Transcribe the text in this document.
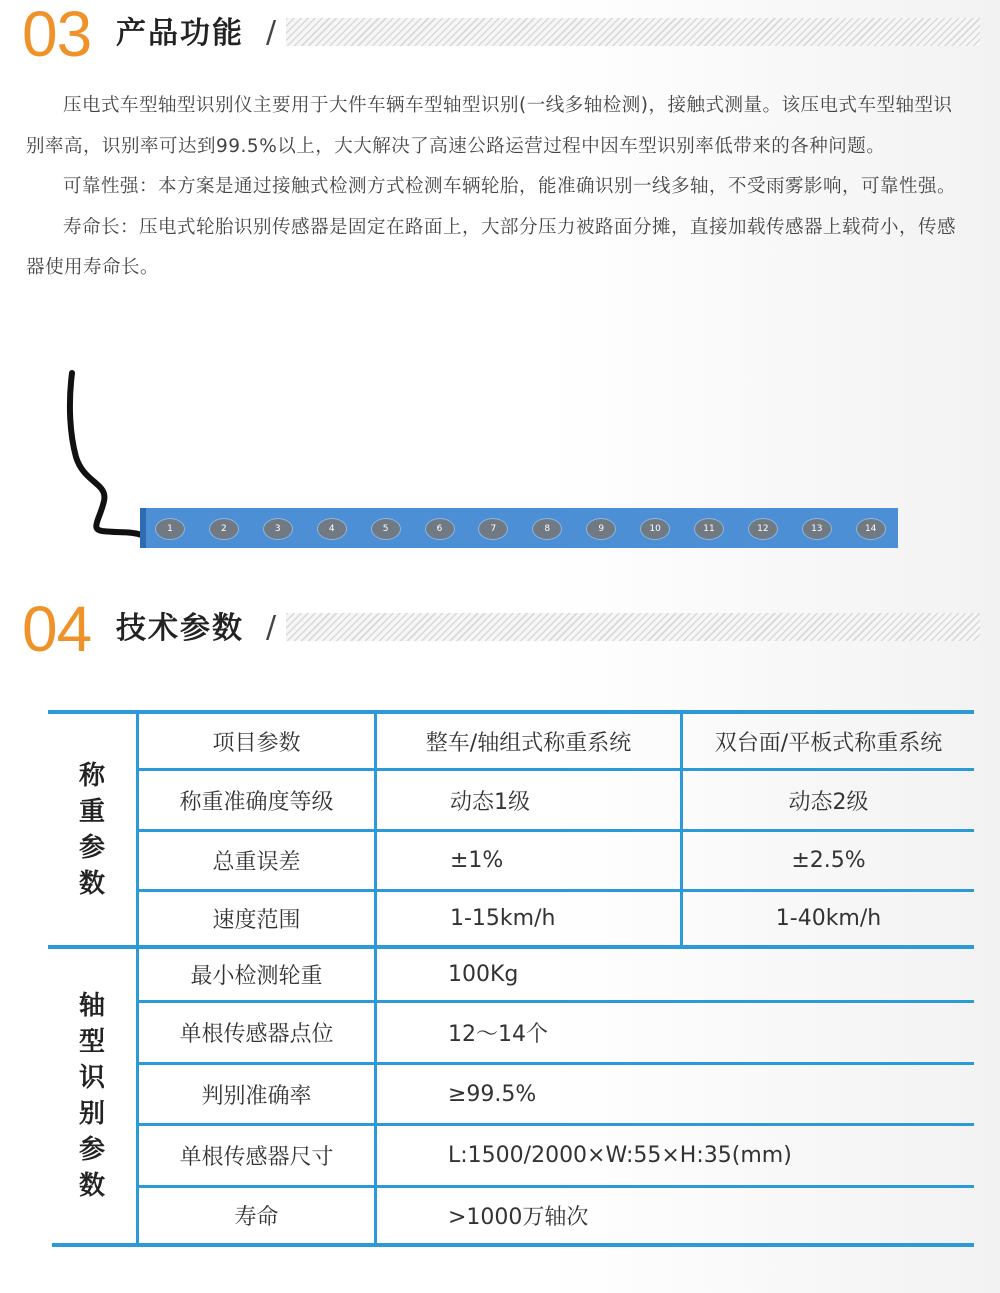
03 产品功能 /

压电式车型轴型识别仪主要用于大件车辆车型轴型识别(一线多轴检测)，接触式测量。该压电式车型轴型识别率高，识别率可达到99.5%以上，大大解决了高速公路运营过程中因车型识别率低带来的各种问题。

可靠性强：本方案是通过接触式检测方式检测车辆轮胎，能准确识别一线多轴，不受雨雾影响，可靠性强。

寿命长：压电式轮胎识别传感器是固定在路面上，大部分压力被路面分摊，直接加载传感器上载荷小，传感器使用寿命长。

1	2	3	4	5	6	7	8	9	10	11	12	13	14
04 技术参数 /
称
重
参
数
轴
型
识
别
参
数
项目参数	整车/轴组式称重系统	双台面/平板式称重系统
称重准确度等级	动态1级	动态2级
总重误差	±1%	±2.5%
速度范围	1-15km/h	1-40km/h
最小检测轮重	100Kg
单根传感器点位	12～14个
判别准确率	≥99.5%
单根传感器尺寸	L:1500/2000×W:55×H:35(mm)
寿命	>1000万轴次
